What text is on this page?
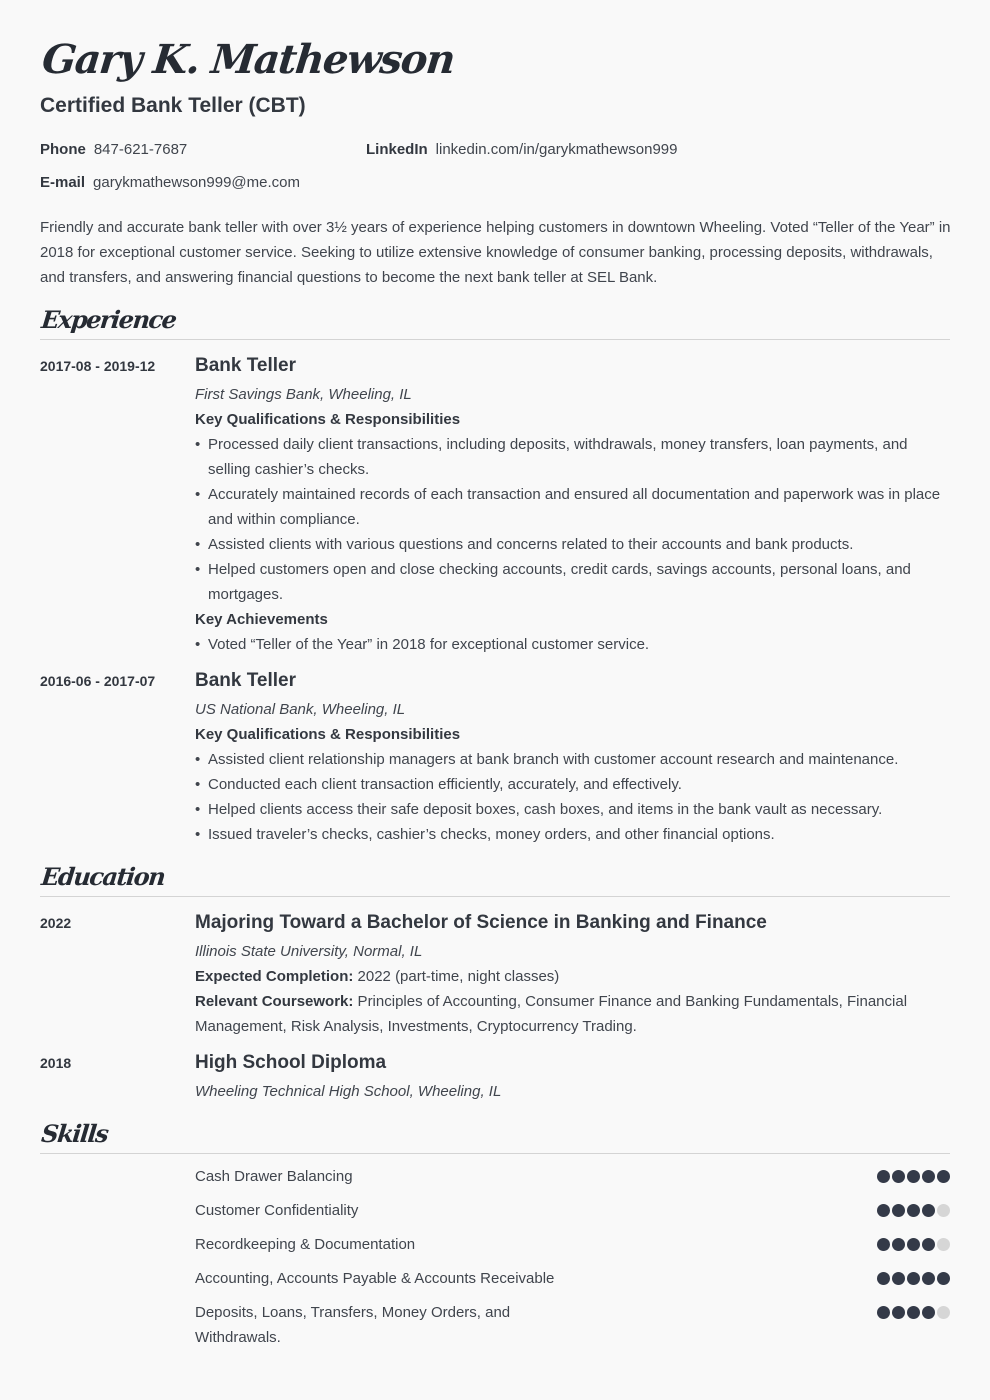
Gary K. Mathewson
Certified Bank Teller (CBT)
Phone 847-621-7687	LinkedIn linkedin.com/in/garykmathewson999
E-mail garykmathewson999@me.com

Friendly and accurate bank teller with over 3½ years of experience helping customers in downtown Wheeling. Voted “Teller of the Year” in 2018 for exceptional customer service. Seeking to utilize extensive knowledge of consumer banking, processing deposits, withdrawals, and transfers, and answering financial questions to become the next bank teller at SEL Bank.

Experience
2017-08 - 2019-12 Bank Teller
First Savings Bank, Wheeling, IL
Key Qualifications & Responsibilities
• Processed daily client transactions, including deposits, withdrawals, money transfers, loan payments, and selling cashier’s checks.
• Accurately maintained records of each transaction and ensured all documentation and paperwork was in place and within compliance.
• Assisted clients with various questions and concerns related to their accounts and bank products.
• Helped customers open and close checking accounts, credit cards, savings accounts, personal loans, and mortgages.
Key Achievements
• Voted “Teller of the Year” in 2018 for exceptional customer service.
2016-06 - 2017-07 Bank Teller
US National Bank, Wheeling, IL
Key Qualifications & Responsibilities
• Assisted client relationship managers at bank branch with customer account research and maintenance.
• Conducted each client transaction efficiently, accurately, and effectively.
• Helped clients access their safe deposit boxes, cash boxes, and items in the bank vault as necessary.
• Issued traveler’s checks, cashier’s checks, money orders, and other financial options.
Education
2022	Majoring Toward a Bachelor of Science in Banking and Finance
Illinois State University, Normal, IL
Expected Completion: 2022 (part-time, night classes)
Relevant Coursework: Principles of Accounting, Consumer Finance and Banking Fundamentals, Financial Management, Risk Analysis, Investments, Cryptocurrency Trading.
2018	High School Diploma
Wheeling Technical High School, Wheeling, IL
Skills
Cash Drawer Balancing
Customer Confidentiality
Recordkeeping & Documentation
Accounting, Accounts Payable & Accounts Receivable
Deposits, Loans, Transfers, Money Orders, and Withdrawals.
